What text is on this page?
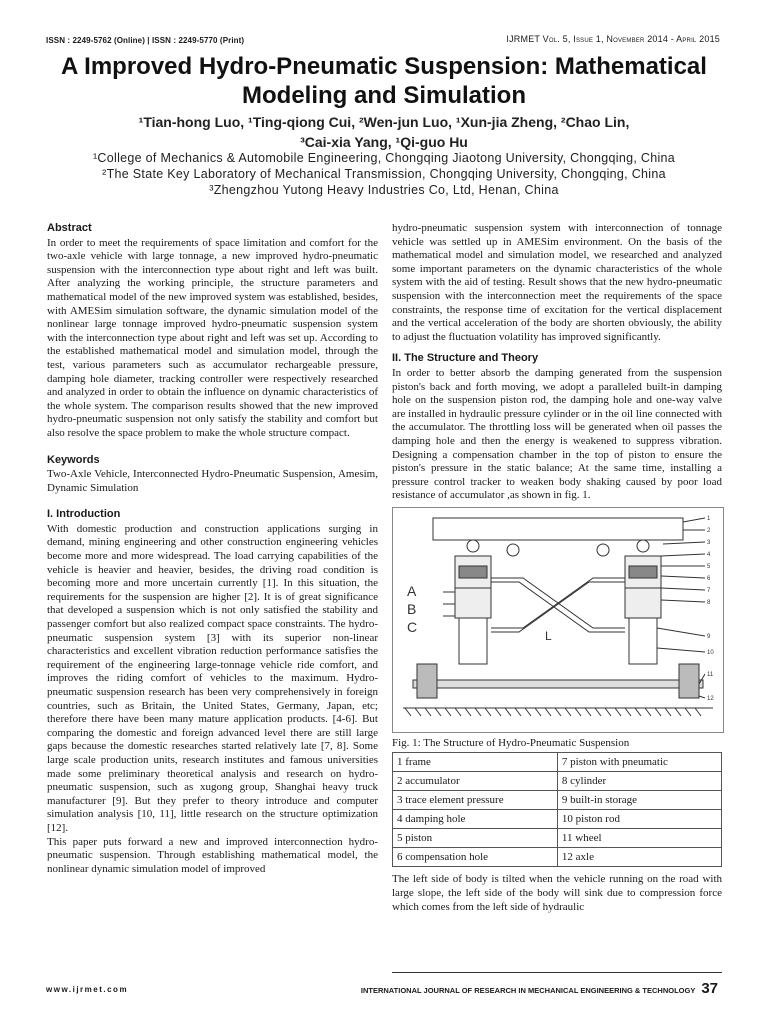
ISSN : 2249-5762 (Online) | ISSN : 2249-5770 (Print)	IJRMET Vol. 5, Issue 1, November 2014 - April 2015
A Improved Hydro-Pneumatic Suspension: Mathematical
Modeling and Simulation
¹Tian-hong Luo, ¹Ting-qiong Cui, ²Wen-jun Luo, ¹Xun-jia Zheng, ²Chao Lin,
³Cai-xia Yang, ¹Qi-guo Hu
¹College of Mechanics & Automobile Engineering, Chongqing Jiaotong University, Chongqing, China
²The State Key Laboratory of Mechanical Transmission, Chongqing University, Chongqing, China
³Zhengzhou Yutong Heavy Industries Co, Ltd, Henan, China
Abstract

In order to meet the requirements of space limitation and comfort for the two-axle vehicle with large tonnage, a new improved hydro-pneumatic suspension with the interconnection type about right and left was built. After analyzing the working principle, the structure parameters and mathematical model of the new improved system was established, besides, with AMESim simulation software, the dynamic simulation model of the nonlinear large tonnage improved hydro-pneumatic suspension system with the interconnection type about right and left was set up. According to the established mathematical model and simulation model, through the test, various parameters such as accumulator rechargeable pressure, damping hole diameter, tracking controller were respectively researched and analyzed in order to obtain the influence on dynamic characteristics of the whole system. The comparison results showed that the new improved hydro-pneumatic suspension not only satisfy the stability and comfort but also resolve the space problem to make the whole structure compact.

Keywords

Two-Axle Vehicle, Interconnected Hydro-Pneumatic Suspension, Amesim, Dynamic Simulation

I. Introduction

With domestic production and construction applications surging in demand, mining engineering and other construction engineering vehicles become more and more widespread. The load carrying capabilities of the vehicle is heavier and heavier, besides, the driving road condition is becoming more and more uncertain currently [1]. In this situation, the requirements for the suspension are higher [2]. It is of great significance that developed a suspension which is not only satisfied the stability and passenger comfort but also realized compact space constraints. The hydro-pneumatic suspension system [3] with its superior non-linear characteristics and excellent vibration reduction performance satisfies the requirement of the engineering large-tonnage vehicle ride comfort, and improves the riding comfort of vehicles to the maximum. Hydro-pneumatic suspension research has been very comprehensively in foreign countries, such as Britain, the United States, Germany, Japan, etc; therefore there have been many mature application products. [4-6]. But comparing the domestic and foreign advanced level there are still large gaps because the domestic researches started relatively late [7, 8]. Some large scale production units, research institutes and famous universities made some preliminary theoretical analysis and research on hydro-pneumatic suspension, such as xugong group, Shanghai heavy truck manufacturer [9]. But they prefer to theory introduce and computer simulation analysis [10, 11], little research on the structure optimization [12].

This paper puts forward a new and improved interconnection hydro-pneumatic suspension. Through establishing mathematical model, the nonlinear dynamic simulation model of improved

hydro-pneumatic suspension system with interconnection of tonnage vehicle was settled up in AMESim environment. On the basis of the mathematical model and simulation model, we researched and analyzed some important parameters on the dynamic characteristics of the whole system with the aid of testing. Result shows that the new hydro-pneumatic suspension with the interconnection meet the requirements of the space constraints, the response time of excitation for the vertical displacement and the vertical acceleration of the body are shorten obviously, the ability to adjust the fluctuation volatility has improved significantly.

II. The Structure and Theory

In order to better absorb the damping generated from the suspension piston's back and forth moving, we adopt a paralleled built-in damping hole on the suspension piston rod, the damping hole and one-way valve are installed in hydraulic pressure cylinder or in the oil line connected with the accumulator. The throttling loss will be generated when oil passes the damping hole and then the energy is weakened to suppress vibration. Designing a compensation chamber in the top of piston to ensure the piston's pressure in the static balance; At the same time, installing a pressure control tracker to weaken body shaking caused by poor load resistance of accumulator ,as shown in fig. 1.

A
B
C
L
1
2
3
4
5
6
7
8
9
10
11
12
Fig. 1: The Structure of Hydro-Pneumatic Suspension
1 frame	7 piston with pneumatic
2 accumulator	8 cylinder
3 trace element pressure	9 built-in storage
4 damping hole	10 piston rod
5 piston	11 wheel
6 compensation hole	12 axle

The left side of body is tilted when the vehicle running on the road with large slope, the left side of the body will sink due to compression force which comes from the left side of hydraulic

www.ijrmet.com	INTERNATIONAL JOURNAL OF RESEARCH IN MECHANICAL ENGINEERING & TECHNOLOGY 37
